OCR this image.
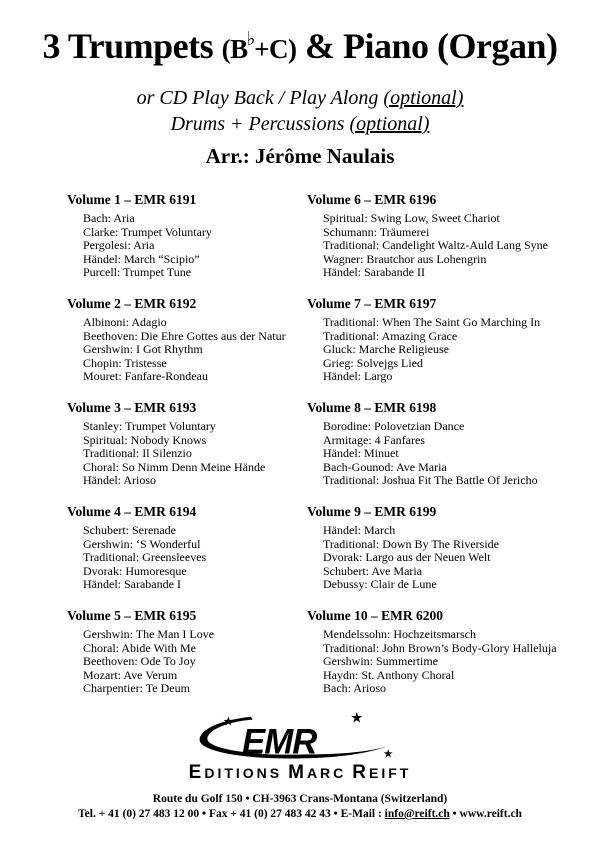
3 Trumpets (B♭+C) & Piano (Organ)
or CD Play Back / Play Along (optional)
Drums + Percussions (optional)
Arr.: Jérôme Naulais
Volume 1 – EMR 6191
Bach: Aria
Clarke: Trumpet Voluntary
Pergolesi: Aria
Händel: March “Scipio”
Purcell: Trumpet Tune
Volume 2 – EMR 6192
Albinoni: Adagio
Beethoven: Die Ehre Gottes aus der Natur
Gershwin: I Got Rhythm
Chopin: Tristesse
Mouret: Fanfare-Rondeau
Volume 3 – EMR 6193
Stanley: Trumpet Voluntary
Spiritual: Nobody Knows
Traditional: Il Silenzio
Choral: So Nimm Denn Meine Hände
Händel: Arioso
Volume 4 – EMR 6194
Schubert: Serenade
Gershwin: ‘S Wonderful
Traditional: Greensleeves
Dvorak: Humoresque
Händel: Sarabande I
Volume 5 – EMR 6195
Gershwin: The Man I Love
Choral: Abide With Me
Beethoven: Ode To Joy
Mozart: Ave Verum
Charpentier: Te Deum
Volume 6 – EMR 6196
Spiritual: Swing Low, Sweet Chariot
Schumann: Träumerei
Traditional: Candelight Waltz-Auld Lang Syne
Wagner: Brautchor aus Lohengrin
Händel: Sarabande II
Volume 7 – EMR 6197
Traditional: When The Saint Go Marching In
Traditional: Amazing Grace
Gluck: Marche Religieuse
Grieg: Solvejgs Lied
Händel: Largo
Volume 8 – EMR 6198
Borodine: Polovetzian Dance
Armitage: 4 Fanfares
Händel: Minuet
Bach-Gounod: Ave Maria
Traditional: Joshua Fit The Battle Of Jericho
Volume 9 – EMR 6199
Händel: March
Traditional: Down By The Riverside
Dvorak: Largo aus der Neuen Welt
Schubert: Ave Maria
Debussy: Clair de Lune
Volume 10 – EMR 6200
Mendelssohn: Hochzeitsmarsch
Traditional: John Brown’s Body-Glory Halleluja
Gershwin: Summertime
Haydn: St. Anthony Choral
Bach: Arioso
EMR
★	★
★
EDITIONS MARC REIFT
Route du Golf 150 • CH-3963 Crans-Montana (Switzerland)
Tel. + 41 (0) 27 483 12 00 • Fax + 41 (0) 27 483 42 43 • E-Mail : info@reift.ch • www.reift.ch
